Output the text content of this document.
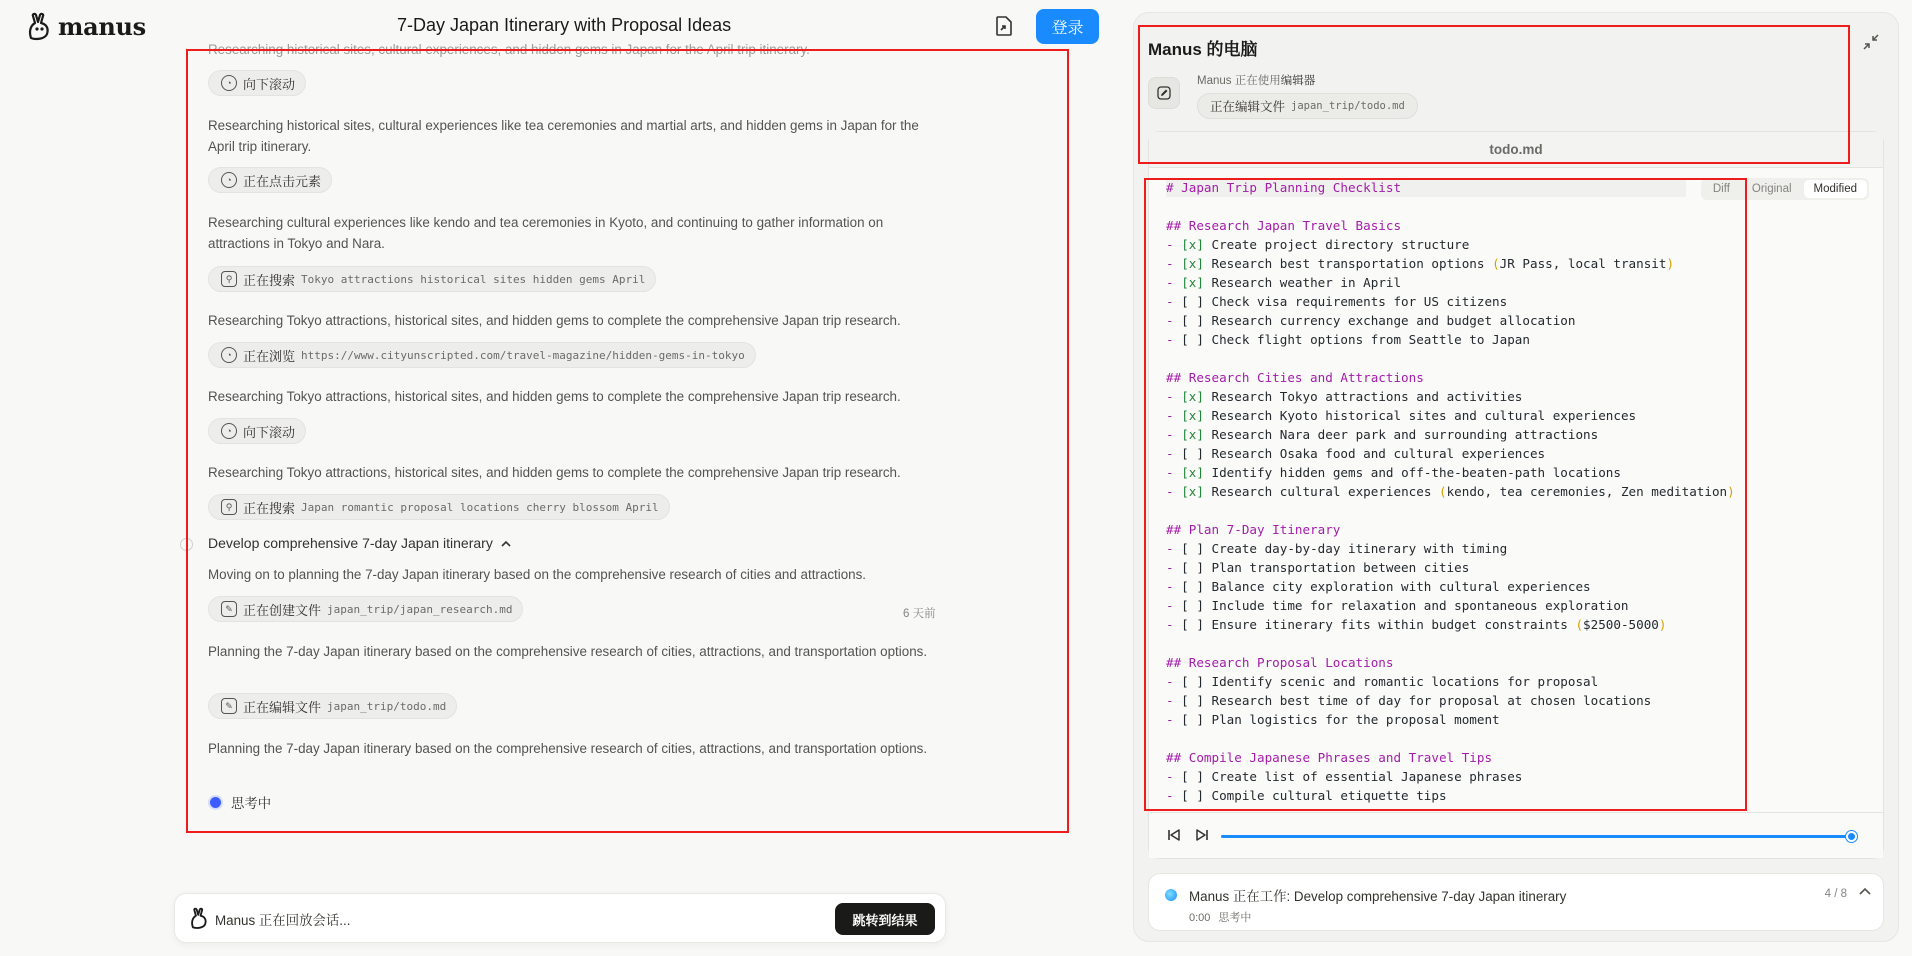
manus	7-Day Japan Itinerary with Proposal Ideas	登录
Researching historical sites, cultural experiences, and hidden gems in Japan for the April trip itinerary.
◔ 向下滚动
Researching historical sites, cultural experiences like tea ceremonies and martial arts, and hidden gems in Japan for the April trip itinerary.
◔ 正在点击元素
Researching cultural experiences like kendo and tea ceremonies in Kyoto, and continuing to gather information on attractions in Tokyo and Nara.
⚲ 正在搜索 Tokyo attractions historical sites hidden gems April
Researching Tokyo attractions, historical sites, and hidden gems to complete the comprehensive Japan trip research.
◔ 正在浏览 https://www.cityunscripted.com/travel-magazine/hidden-gems-in-tokyo
Researching Tokyo attractions, historical sites, and hidden gems to complete the comprehensive Japan trip research.
◔ 向下滚动
Researching Tokyo attractions, historical sites, and hidden gems to complete the comprehensive Japan trip research.
⚲ 正在搜索 Japan romantic proposal locations cherry blossom April
Develop comprehensive 7-day Japan itinerary
Moving on to planning the 7-day Japan itinerary based on the comprehensive research of cities and attractions.
✎ 正在创建文件 japan_trip/japan_research.md	6 天前
Planning the 7-day Japan itinerary based on the comprehensive research of cities, attractions, and transportation options.
✎ 正在编辑文件 japan_trip/todo.md
Planning the 7-day Japan itinerary based on the comprehensive research of cities, attractions, and transportation options.
思考中
Manus 正在回放会话...	跳转到结果
Manus 的电脑
Manus 正在使用编辑器
正在编辑文件 japan_trip/todo.md
todo.md
# Japan Trip Planning Checklist

## Research Japan Travel Basics
- [x] Create project directory structure
- [x] Research best transportation options (JR Pass, local transit)
- [x] Research weather in April
- [ ] Check visa requirements for US citizens
- [ ] Research currency exchange and budget allocation
- [ ] Check flight options from Seattle to Japan

## Research Cities and Attractions
- [x] Research Tokyo attractions and activities
- [x] Research Kyoto historical sites and cultural experiences
- [x] Research Nara deer park and surrounding attractions
- [ ] Research Osaka food and cultural experiences
- [x] Identify hidden gems and off-the-beaten-path locations
- [x] Research cultural experiences (kendo, tea ceremonies, Zen meditation)

## Plan 7-Day Itinerary
- [ ] Create day-by-day itinerary with timing
- [ ] Plan transportation between cities
- [ ] Balance city exploration with cultural experiences
- [ ] Include time for relaxation and spontaneous exploration
- [ ] Ensure itinerary fits within budget constraints ($2500-5000)

## Research Proposal Locations
- [ ] Identify scenic and romantic locations for proposal
- [ ] Research best time of day for proposal at chosen locations
- [ ] Plan logistics for the proposal moment

## Compile Japanese Phrases and Travel Tips
- [ ] Create list of essential Japanese phrases
- [ ] Compile cultural etiquette tips
Diff	Original	Modified
Manus 正在工作: Develop comprehensive 7-day Japan itinerary
0:00 思考中
4 / 8
